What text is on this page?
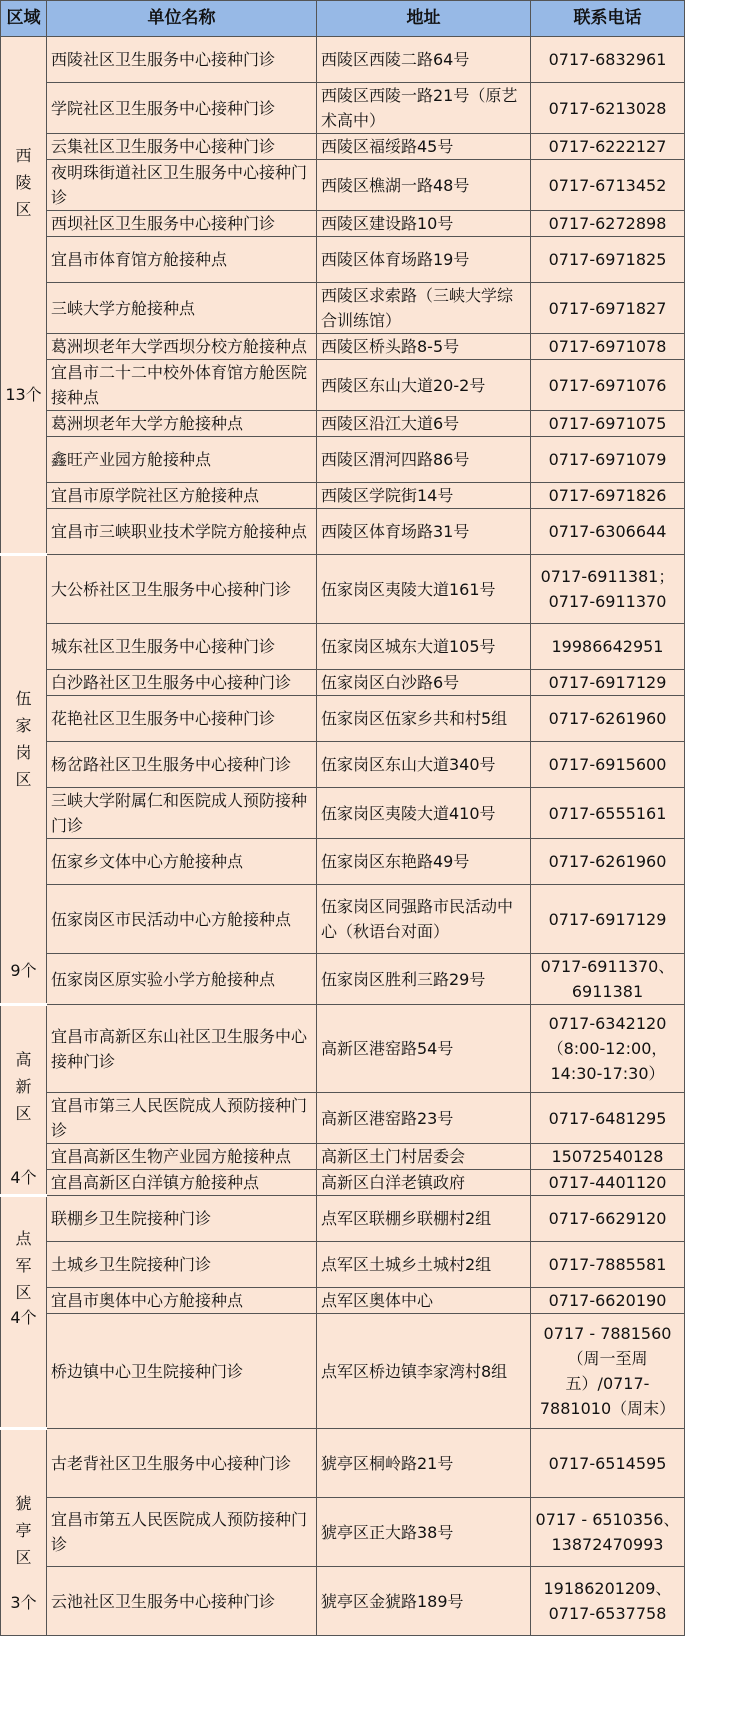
区域	单位名称	地址	联系电话

西陵区
13个	西陵社区卫生服务中心接种门诊	西陵区西陵二路64号	0717-6832961
	学院社区卫生服务中心接种门诊	西陵区西陵一路21号（原艺术高中）	0717-6213028
	云集社区卫生服务中心接种门诊	西陵区福绥路45号	0717-6222127
	夜明珠街道社区卫生服务中心接种门诊	西陵区樵湖一路48号	0717-6713452
	西坝社区卫生服务中心接种门诊	西陵区建设路10号	0717-6272898
	宜昌市体育馆方舱接种点	西陵区体育场路19号	0717-6971825
	三峡大学方舱接种点	西陵区求索路（三峡大学综合训练馆）	0717-6971827
	葛洲坝老年大学西坝分校方舱接种点	西陵区桥头路8-5号	0717-6971078
	宜昌市二十二中校外体育馆方舱医院接种点	西陵区东山大道20-2号	0717-6971076
	葛洲坝老年大学方舱接种点	西陵区沿江大道6号	0717-6971075
	鑫旺产业园方舱接种点	西陵区渭河四路86号	0717-6971079
	宜昌市原学院社区方舱接种点	西陵区学院街14号	0717-6971826
	宜昌市三峡职业技术学院方舱接种点	西陵区体育场路31号	0717-6306644

伍家岗区
9个	大公桥社区卫生服务中心接种门诊	伍家岗区夷陵大道161号	0717-6911381；0717-6911370
	城东社区卫生服务中心接种门诊	伍家岗区城东大道105号	19986642951
	白沙路社区卫生服务中心接种门诊	伍家岗区白沙路6号	0717-6917129
	花艳社区卫生服务中心接种门诊	伍家岗区伍家乡共和村5组	0717-6261960
	杨岔路社区卫生服务中心接种门诊	伍家岗区东山大道340号	0717-6915600
	三峡大学附属仁和医院成人预防接种门诊	伍家岗区夷陵大道410号	0717-6555161
	伍家乡文体中心方舱接种点	伍家岗区东艳路49号	0717-6261960
	伍家岗区市民活动中心方舱接种点	伍家岗区同强路市民活动中心（秋语台对面）	0717-6917129
	伍家岗区原实验小学方舱接种点	伍家岗区胜利三路29号	0717-6911370、6911381

高新区
4个	宜昌市高新区东山社区卫生服务中心接种门诊	高新区港窑路54号	0717-6342120（8:00-12:00，14:30-17:30）
	宜昌市第三人民医院成人预防接种门诊	高新区港窑路23号	0717-6481295
	宜昌高新区生物产业园方舱接种点	高新区土门村居委会	15072540128
	宜昌高新区白洋镇方舱接种点	高新区白洋老镇政府	0717-4401120

点军区
4个	联棚乡卫生院接种门诊	点军区联棚乡联棚村2组	0717-6629120
	土城乡卫生院接种门诊	点军区土城乡土城村2组	0717-7885581
	宜昌市奥体中心方舱接种点	点军区奥体中心	0717-6620190
	桥边镇中心卫生院接种门诊	点军区桥边镇李家湾村8组	0717 - 7881560（周一至周五）/0717-7881010（周末）

猇亭区
3个	古老背社区卫生服务中心接种门诊	猇亭区桐岭路21号	0717-6514595
	宜昌市第五人民医院成人预防接种门诊	猇亭区正大路38号	0717 - 6510356、13872470993
	云池社区卫生服务中心接种门诊	猇亭区金猇路189号	19186201209、0717-6537758
